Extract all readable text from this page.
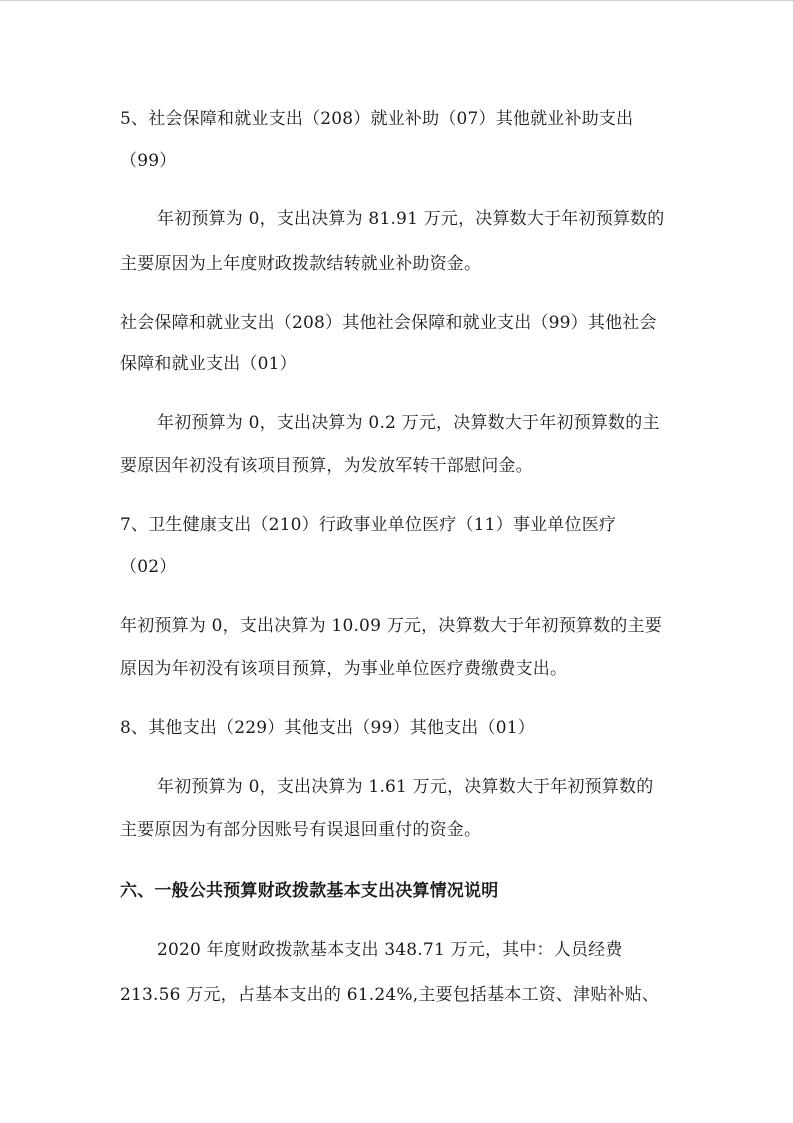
5、社会保障和就业支出（208）就业补助（07）其他就业补助支出
（99）
年初预算为 0，支出决算为 81.91 万元，决算数大于年初预算数的
主要原因为上年度财政拨款结转就业补助资金。
社会保障和就业支出（208）其他社会保障和就业支出（99）其他社会
保障和就业支出（01）
年初预算为 0，支出决算为 0.2 万元，决算数大于年初预算数的主
要原因年初没有该项目预算，为发放军转干部慰问金。
7、卫生健康支出（210）行政事业单位医疗（11）事业单位医疗
（02）
年初预算为 0，支出决算为 10.09 万元，决算数大于年初预算数的主要
原因为年初没有该项目预算，为事业单位医疗费缴费支出。
8、其他支出（229）其他支出（99）其他支出（01）
年初预算为 0，支出决算为 1.61 万元，决算数大于年初预算数的
主要原因为有部分因账号有误退回重付的资金。
六、一般公共预算财政拨款基本支出决算情况说明
2020 年度财政拨款基本支出 348.71 万元，其中：人员经费
213.56 万元，占基本支出的 61.24%,主要包括基本工资、津贴补贴、
